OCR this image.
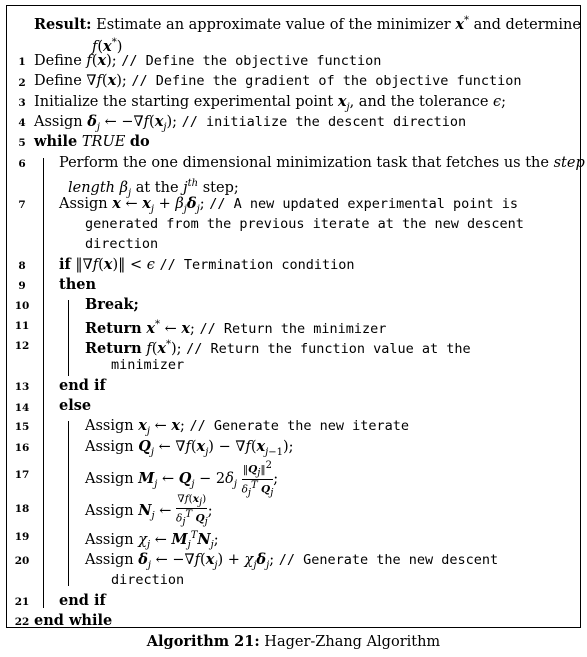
Result: Estimate an approximate value of the minimizer x* and determine
f(x*)
1
2
3
4
5
6
7
8
9
10
11
12
13
14
15
16
17
18
19
20
21
22
Define f(x); // Define the objective function
Define ∇f(x); // Define the gradient of the objective function
Initialize the starting experimental point $x_j$, and the tolerance ϵ;
Assign $\delta_j$ ← $-\nabla f(x_j)$; // initialize the descent direction
while TRUE do
Perform the one dimensional minimization task that fetches us the step
length $\beta_j$ at the $j^{th}$ step;
Assign x ← $x_j + \beta_j\delta_j$; // A new updated experimental point is
generated from the previous iterate at the new descent
direction
if ‖∇f(x)‖ < ϵ // Termination condition
then
Break;
Return x* ← x; // Return the minimizer
Return f(x*); // Return the function value at the
minimizer
end if
else
Assign $x_j$ ← x; // Generate the new iterate
Assign $Q_j$ ← $\nabla f(x_j) - \nabla f(x_{j-1})$;
Assign $M_j$ ← $Q_j - 2\delta_j \frac{‖Q_j‖^2}{\delta_j^T Q_j}$ ;
Assign $N_j$ ← $\frac{\nabla f(x_j)}{\delta_j^T Q_j}$ ;
Assign $\chi_j$ ← $M_j^TN_j$;
Assign $\delta_j$ ← $-\nabla f(x_j) + \chi_j\delta_j$; // Generate the new descent
direction
end if
end while
Algorithm 21: Hager-Zhang Algorithm
